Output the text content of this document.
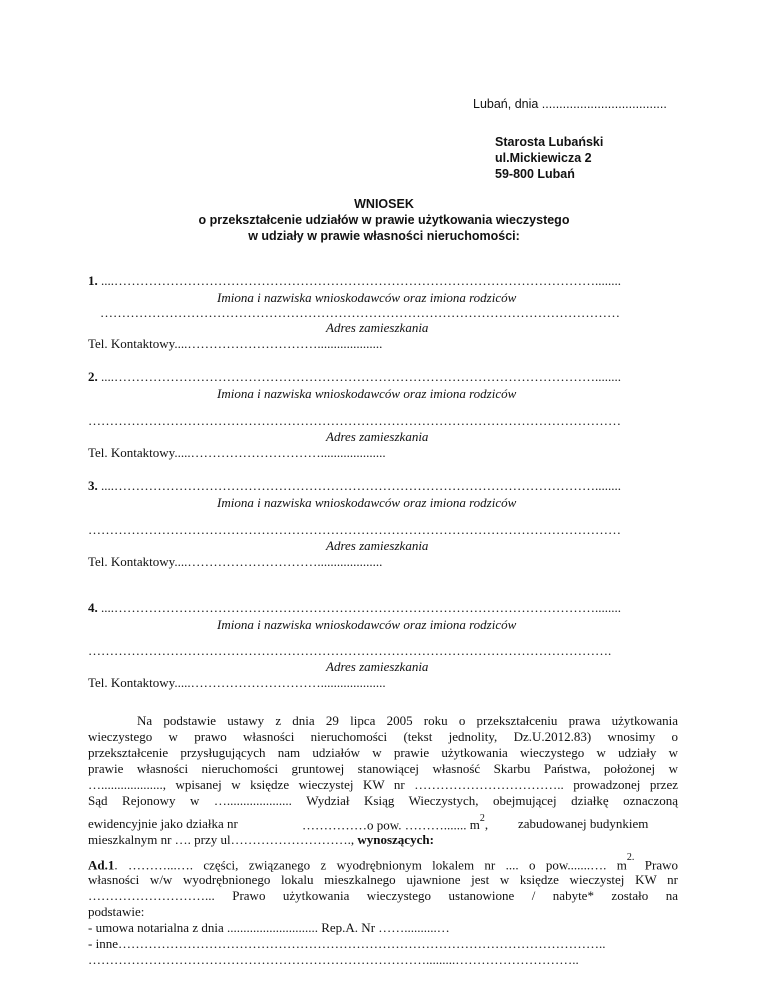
Lubań, dnia ....................................
Starosta Lubański
ul.Mickiewicza 2
59-800 Lubań
WNIOSEK
o przekształcenie udziałów w prawie użytkowania wieczystego
w udziały w prawie własności nieruchomości:
1. ....…………………………………………………………………………………………………........
Imiona i nazwiska wnioskodawców oraz imiona rodziców
…………………………………………………………………………………………………………
Adres zamieszkania
Tel. Kontaktowy....…………………………....................
2. ....…………………………………………………………………………………………………........
Imiona i nazwiska wnioskodawców oraz imiona rodziców
……………………………………………………………………………………………………………
Adres zamieszkania
Tel. Kontaktowy.....…………………………....................
3. ....…………………………………………………………………………………………………........
Imiona i nazwiska wnioskodawców oraz imiona rodziców
……………………………………………………………………………………………………………
Adres zamieszkania
Tel. Kontaktowy....…………………………....................
4. ....…………………………………………………………………………………………………........
Imiona i nazwiska wnioskodawców oraz imiona rodziców
………………………………………………………………………………………………………….
Adres zamieszkania
Tel. Kontaktowy.....…………………………....................
Na podstawie ustawy z dnia 29 lipca 2005 roku o przekształceniu prawa użytkowania
wieczystego w prawo własności nieruchomości (tekst jednolity, Dz.U.2012.83) wnosimy o
przekształcenie przysługujących nam udziałów w prawie użytkowania wieczystego w udziały w
prawie własności nieruchomości gruntowej stanowiącej własność Skarbu Państwa, położonej w
…..................., wpisanej w księdze wieczystej KW nr …………………………….. prowadzonej przez
Sąd Rejonowy w ….................... Wydział Ksiąg Wieczystych, obejmującej działkę oznaczoną
ewidencyjnie jako działka nr	……………o pow. ………....... $m^2$, zabudowanej budynkiem
mieszkalnym nr …. przy ul………………………., wynoszących:
Ad.1. ………...…. części, związanego z wyodrębnionym lokalem nr .... o pow.......…. $m^{2.}$ Prawo
własności w/w wyodrębnionego lokalu mieszkalnego ujawnione jest w księdze wieczystej KW nr
………………………... Prawo użytkowania wieczystego ustanowione / nabyte* zostało na
podstawie:
- umowa notarialna z dnia ............................ Rep.A. Nr ……..........…
- inne…………………………………………………………………………………………………..
…………………………………………………………………….........………………………..
